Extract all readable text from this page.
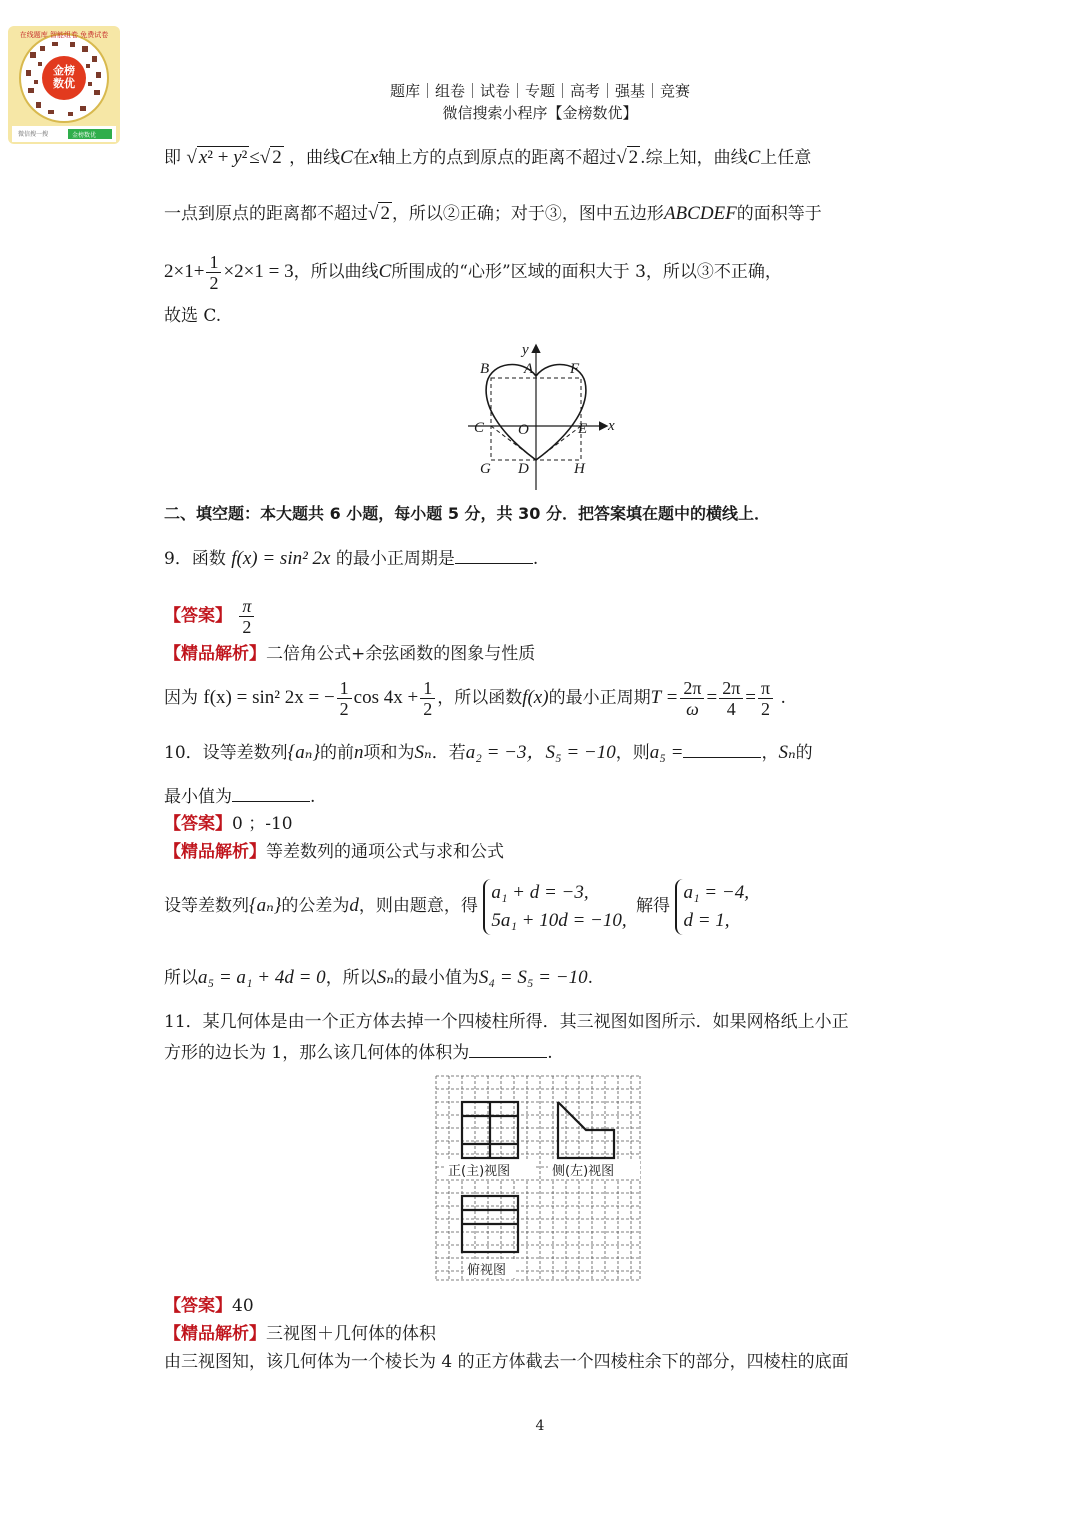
在线题库 智能组卷 免费试卷
金榜
数优
微信搜一搜	金榜数优
题库｜组卷｜试卷｜专题｜高考｜强基｜竞赛
微信搜索小程序【金榜数优】
即 √ x² + y² ≤√ 2 ，曲线C在x轴上方的点到原点的距离不超过√ 2 .综上知，曲线C上任意
一点到原点的距离都不超过√ 2 ，所以②正确；对于③，图中五边形ABCDEF的面积等于
$2\times 1+ \frac{1}{2} \times 2\times 1 = 3$，所以曲线C所围成的“心形”区域的面积大于 3，所以③不正确，
故选 C.
y
x
A
B	F
C O	E
G D	H
二、填空题：本大题共 6 小题，每小题 5 分，共 30 分．把答案填在题中的横线上．
9．函数 f(x) = sin² 2x 的最小正周期是	.
【答案】 $\frac{\pi}{2}$
【精品解析】二倍角公式+余弦函数的图象与性质
因为 f(x) = sin² 2x = − $\frac{1}{2}$ $\cos 4x + \frac{1}{2}$ ，所以函数f(x)的最小正周期$T = \frac{2\pi}{\omega} = \frac{2\pi}{4} = \frac{\pi}{2}$ .
10．设等差数列{aₙ}的前n项和为Sₙ．若a₂ = −3，S₅ = −10，则a₅ =	，Sₙ的
最小值为	.
【答案】0 ；-10
【精品解析】等差数列的通项公式与求和公式
设等差数列{aₙ}的公差为d，则由题意，得 a₁ + d = −3,
5a₁ + 10d = −10, 解得 a₁ = −4,
d = 1,
所以a₅ = a₁ + 4d = 0，所以Sₙ的最小值为S₄ = S₅ = −10.
11．某几何体是由一个正方体去掉一个四棱柱所得．其三视图如图所示．如果网格纸上小正
方形的边长为 1，那么该几何体的体积为	.
正(主)视图	侧(左)视图
俯视图
【答案】40
【精品解析】三视图＋几何体的体积
由三视图知，该几何体为一个棱长为 4 的正方体截去一个四棱柱余下的部分，四棱柱的底面
4
